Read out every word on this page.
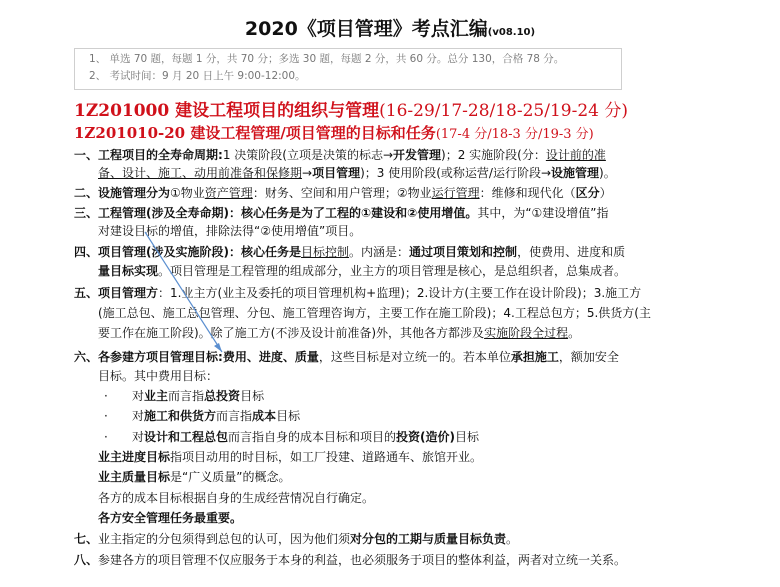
2020《项目管理》考点汇编(v08.10)
1、 单选 70 题，每题 1 分，共 70 分；多选 30 题，每题 2 分，共 60 分。总分 130，合格 78 分。
2、 考试时间：9 月 20 日上午 9:00-12:00。
1Z201000 建设工程项目的组织与管理(16-29/17-28/18-25/19-24 分)
1Z201010-20 建设工程管理/项目管理的目标和任务(17-4 分/18-3 分/19-3 分)
一、工程项目的全寿命周期:1 决策阶段(立项是决策的标志→开发管理)；2 实施阶段(分：设计前的准
备、设计、施工、动用前准备和保修期→项目管理)；3 使用阶段(或称运营/运行阶段→设施管理)。
二、设施管理分为①物业资产管理：财务、空间和用户管理；②物业运行管理：维修和现代化（区分）
三、工程管理(涉及全寿命期)：核心任务是为了工程的①建设和②使用增值。其中，为“①建设增值”指
对建设目标的增值，排除法得“②使用增值”项目。
四、项目管理(涉及实施阶段)：核心任务是目标控制。内涵是：通过项目策划和控制，使费用、进度和质
量目标实现。项目管理是工程管理的组成部分，业主方的项目管理是核心，是总组织者，总集成者。
五、项目管理方：1.业主方(业主及委托的项目管理机构+监理)；2.设计方(主要工作在设计阶段)；3.施工方
(施工总包、施工总包管理、分包、施工管理咨询方，主要工作在施工阶段)；4.工程总包方；5.供货方(主
要工作在施工阶段)。除了施工方(不涉及设计前准备)外，其他各方都涉及实施阶段全过程。
六、各参建方项目管理目标:费用、进度、质量，这些目标是对立统一的。若本单位承担施工，额加安全
目标。其中费用目标：
· 对业主而言指总投资目标
· 对施工和供货方而言指成本目标
· 对设计和工程总包而言指自身的成本目标和项目的投资(造价)目标
业主进度目标指项目动用的时目标，如工厂投建、道路通车、旅馆开业。
业主质量目标是“广义质量”的概念。
各方的成本目标根据自身的生成经营情况自行确定。
各方安全管理任务最重要。
七、业主指定的分包须得到总包的认可，因为他们须对分包的工期与质量目标负责。
八、参建各方的项目管理不仅应服务于本身的利益，也必须服务于项目的整体利益，两者对立统一关系。
